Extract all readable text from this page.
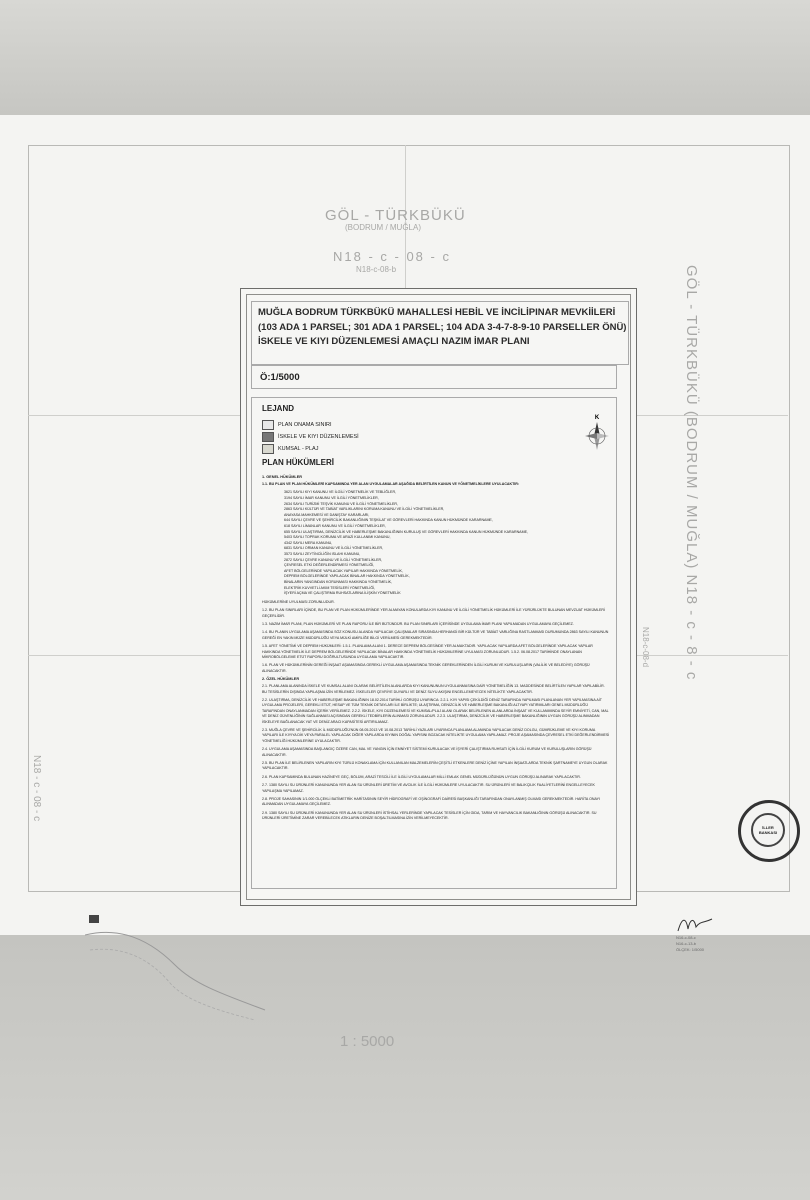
GÖL - TÜRKBÜKÜ
(BODRUM / MUĞLA)
N18 - c - 08 - c
N18-c-08-b	GÖL - TÜRKBÜKÜ (BODRUM / MUĞLA) N18 - c - 8 - c
N18 - c - 08 - c
N18-c-08-d
1 : 5000
MUĞLA BODRUM TÜRKBÜKÜ MAHALLESİ HEBİL VE İNCİLİPINAR MEVKİİLERİ
(103 ADA 1 PARSEL; 301 ADA 1 PARSEL; 104 ADA 3-4-7-8-9-10 PARSELLER ÖNÜ)
İSKELE VE KIYI DÜZENLEMESİ AMAÇLI NAZIM İMAR PLANI
Ö:1/5000
LEJAND
PLAN ONAMA SINIRI
İSKELE VE KIYI DÜZENLEMESİ
KUMSAL - PLAJ
K
PLAN HÜKÜMLERİ
1. GENEL HÜKÜMLER
1.1. BU PLAN VE PLAN HÜKÜMLERİ KAPSAMINDA YER ALAN UYGULAMALAR AŞAĞIDA BELİRTİLEN KANUN VE YÖNETMELİKLERE UYULACAKTIR:
3621 SAYILI KIYI KANUNU VE İLGİLİ YÖNETMELİK VE TEBLİĞLER,
3194 SAYILI İMAR KANUNU VE İLGİLİ YÖNETMELİKLER,
2634 SAYILI TURİZMİ TEŞVİK KANUNU VE İLGİLİ YÖNETMELİKLER,
2863 SAYILI KÜLTÜR VE TABİAT VARLIKLARINI KORUMA KANUNU VE İLGİLİ YÖNETMELİKLER,
ANAYASA MAHKEMESİ VE DANIŞTAY KARARLARI,
644 SAYILI ÇEVRE VE ŞEHİRCİLİK BAKANLIĞININ TEŞKİLAT VE GÖREVLERİ HAKKINDA KANUN HÜKMÜNDE KARARNAME,
618 SAYILI LİMANLAR KANUNU VE İLGİLİ YÖNETMELİKLER,
655 SAYILI ULAŞTIRMA, DENİZCİLİK VE HABERLEŞME BAKANLIĞININ KURULUŞ VE GÖREVLERİ HAKKINDA KANUN HÜKMÜNDE KARARNAME,
5403 SAYILI TOPRAK KORUMA VE ARAZİ KULLANIMI KANUNU,
4342 SAYILI MERA KANUNU,
6831 SAYILI ORMAN KANUNU VE İLGİLİ YÖNETMELİKLER,
3573 SAYILI ZEYTİNCİLİĞİN ISLAHI KANUNU,
2872 SAYILI ÇEVRE KANUNU VE İLGİLİ YÖNETMELİKLER,
ÇEVRESEL ETKİ DEĞERLENDİRMESİ YÖNETMELİĞİ,
AFET BÖLGELERİNDE YAPILACAK YAPILAR HAKKINDA YÖNETMELİK,
DEPREM BÖLGELERİNDE YAPILACAK BİNALAR HAKKINDA YÖNETMELİK,
BİNALARIN YANGINDAN KORUNMASI HAKKINDA YÖNETMELİK,
ELEKTRİK KUVVETLİ AKIM TESİSLERİ YÖNETMELİĞİ,
İŞYERİ AÇMA VE ÇALIŞTIRMA RUHSATLARINA İLİŞKİN YÖNETMELİK
HÜKÜMLERİNE UYULMASI ZORUNLUDUR.
1.2. BU PLAN SINIRLARI İÇİNDE, BU PLAN VE PLAN HÜKÜMLERİNDE YER ALMAYAN KONULARDA KIYI KANUNU VE İLGİLİ YÖNETMELİK HÜKÜMLERİ İLE YÜRÜRLÜKTE BULUNAN MEVZUAT HÜKÜMLERİ GEÇERLİDİR.
1.3. NAZIM İMAR PLANI, PLAN HÜKÜMLERİ VE PLAN RAPORU İLE BİR BÜTÜNDÜR. BU PLAN SINIRLARI İÇERİSİNDE UYGULAMA İMAR PLANI YAPILMADAN UYGULAMAYA GEÇİLEMEZ.
1.4. BU PLANIN UYGULAMA AŞAMASINDA SÖZ KONUSU ALANDA YAPILACAK ÇALIŞMALAR SIRASINDA HERHANGİ BİR KÜLTÜR VE TABİAT VARLIĞINA RASTLANMASI DURUMUNDA 2863 SAYILI KANUNUN GEREĞİ EN YAKIN MÜZE MÜDÜRLÜĞÜ VEYA MÜLKİ AMİRLİĞE BİLGİ VERİLMESİ GEREKMEKTEDİR.
1.5. AFET YÖNETİMİ VE DEPREM HÜKÜMLERİ: 1.5.1. PLANLAMA ALANI 1. DERECE DEPREM BÖLGESİNDE YER ALMAKTADIR. YAPILACAK YAPILARDA AFET BÖLGELERİNDE YAPILACAK YAPILAR HAKKINDA YÖNETMELİK İLE DEPREM BÖLGELERİNDE YAPILACAK BİNALAR HAKKINDA YÖNETMELİK HÜKÜMLERİNE UYULMASI ZORUNLUDUR. 1.5.2. 06.08.2017 TARİHİNDE ONAYLANAN MİKROBÖLGELEME ETÜT RAPORU DOĞRULTUSUNDA UYGULAMA YAPILACAKTIR.
1.6. PLAN VE HÜKÜMLERİNİN GEREĞİ İNŞAAT AŞAMASINDA GEREKLİ UYGULAMA AŞAMASINDA TEKNİK GEREKLERİNDEN İLGİLİ KURUM VE KURULUŞLARIN (VALİLİK VE BELEDİYE) GÖRÜŞÜ ALINACAKTIR.
2. ÖZEL HÜKÜMLER
2.1. PLANLAMA ALANINDA İSKELE VE KUMSAL ALANI OLARAK BELİRTİLEN ALANLARDA KIYI KANUNUNUN UYGULANMASINA DAİR YÖNETMELİĞİN 13. MADDESİNDE BELİRTİLEN YAPILAR YAPILABİLİR. BU TESİSLERİN DIŞINDA YAPILAŞMA İZİN VERİLEMEZ. İSKELELER ÇEVRİYE DUYARLI VE DENİZ SUYU AKIŞINI ENGELLEMEYECEK NİTELİKTE YAPILACAKTIR.
2.2. ULAŞTIRMA, DENİZCİLİK VE HABERLEŞME BAKANLIĞININ 18.02.2014 TARİHLİ GÖRÜŞÜ UYARINCA: 2.2.1. KIYI YAPISI ÇEKİLDİĞİ DENİZ TARAFINDA YAPILMASI PLANLANAN YER YAPILMASINA AİT UYGULAMA PROJELERİ, GEREKLİ ETÜT, HESAP VE TÜM TEKNİK DETAYLARI İLE BİRLİKTE; ULAŞTIRMA, DENİZCİLİK VE HABERLEŞME BAKANLIĞI ALTYAPI YATIRIMLARI GENEL MÜDÜRLÜĞÜ TARAFINDAN ONAYLANMADAN İÇERİK VERİLEMEZ. 2.2.2. İSKELE, KIYI DÜZENLEMESİ VE KUMSAL/PLAJ ALANI OLARAK BELİRLENEN ALANLARDA İNŞAAT VE KULLANIMINDA SEYİR EMNİYETİ, CAN, MAL VE DENİZ GÜVENLİĞİNİN SAĞLANMASI AÇISINDAN GEREKLİ TEDBİRLERİN ALINMASI ZORUNLUDUR. 2.2.3. ULAŞTIRMA, DENİZCİLİK VE HABERLEŞME BAKANLIĞININ UYGUN GÖRÜŞÜ ALINMADAN İSKELEYE BAĞLANACAK YAT VE DENİZ ARACI KAPASİTESİ ARTIRILAMAZ.
2.3. MUĞLA ÇEVRE VE ŞEHİRCİLİK İL MÜDÜRLÜĞÜ'NÜN 08.05.2013 VE 10.08.2013 TARİHLİ YAZILARI UYARINCA PLANLAMA ALANINDA YAPILACAK DENİZ DOLGU, GÜMRÜKLEME VE KIYI KORUMA YAPILARI İLE KIYIYA DİK VEYA PARALEL YAPILACAK DİĞER YAPILARDA KIYININ DOĞAL YAPISINI BOZACAK NİTELİKTE UYGULAMA YAPILAMAZ. PROJE AŞAMASINDA ÇEVRESEL ETKİ DEĞERLENDİRMESİ YÖNETMELİĞİ HÜKÜMLERİNE UYULACAKTIR.
2.4. UYGULAMA AŞAMASINDA BAŞLANGIÇ ÖZERE CAN, MAL VE YANGIN İÇİN EMNİYET SİSTEMİ KURULACAK VE İŞYERİ ÇALIŞTIRMA RUHSATI İÇİN İLGİLİ KURUM VE KURULUŞLARIN GÖRÜŞÜ ALINACAKTIR.
2.5. BU PLAN İLE BELİRLENEN YAPILARIN KIYI TÜRLÜ KONAKLAMA İÇİN KULLANILAN MALZEMELERİN ÇEŞİTLİ ETKENLERE DENİZ İÇİNE YAPILAN İNŞAATLARDA TEKNİK ŞARTNAMEYE UYGUN OLARAK YAPILACAKTIR.
2.6. PLAN KAPSAMINDA BULUNAN HAZİNEYE GEÇ, BÖLÜM, ARAZİ TESCİLİ İLE İLGİLİ UYGULAMALAR MİLLİ EMLAK GENEL MÜDÜRLÜĞÜNÜN UYGUN GÖRÜŞÜ ALINARAK YAPILACAKTIR.
2.7. 1380 SAYILI SU ÜRÜNLERİ KANUNUNDA YER ALAN SU ÜRÜNLERİ ÜRETİM VE AVCILIK İLE İLGİLİ HÜKÜMLERE UYULACAKTIR. SU ÜRÜNLERİ VE BALIKÇILIK FAALİYETLERİNİ ENGELLEYECEK YAPILAŞMA YAPILAMAZ.
2.8. PROJE SAHASININ 1/1.000 ÖLÇEKLİ BATİMETRİK HARİTASININ SEYİR HİDROGRAFİ VE OŞİNOGRAFİ DAİRESİ BAŞKANLIĞI TARAFINDAN ONAYLANMIŞ OLMASI GEREKMEKTEDİR. HARİTA ONAYI ALINMADAN UYGULAMAYA GEÇİLEMEZ.
2.9. 1380 SAYILI SU ÜRÜNLERİ KANUNUNDA YER ALAN SU ÜRÜNLERİ İSTİHSAL YERLERİNDE YAPILACAK TESİSLER İÇİN GIDA, TARIM VE HAYVANCILIK BAKANLIĞININ GÖRÜŞÜ ALINACAKTIR. SU ÜRÜNLERİ ÜRETİMİNE ZARAR VEREBİLECEK ATIKLARIN DENİZE BOŞALTILMASINA İZİN VERİLMEYECEKTİR.
İLLER BANKASI
N16-c-08-c
N16-c-13-b
ÖLÇEK: 1/5000
